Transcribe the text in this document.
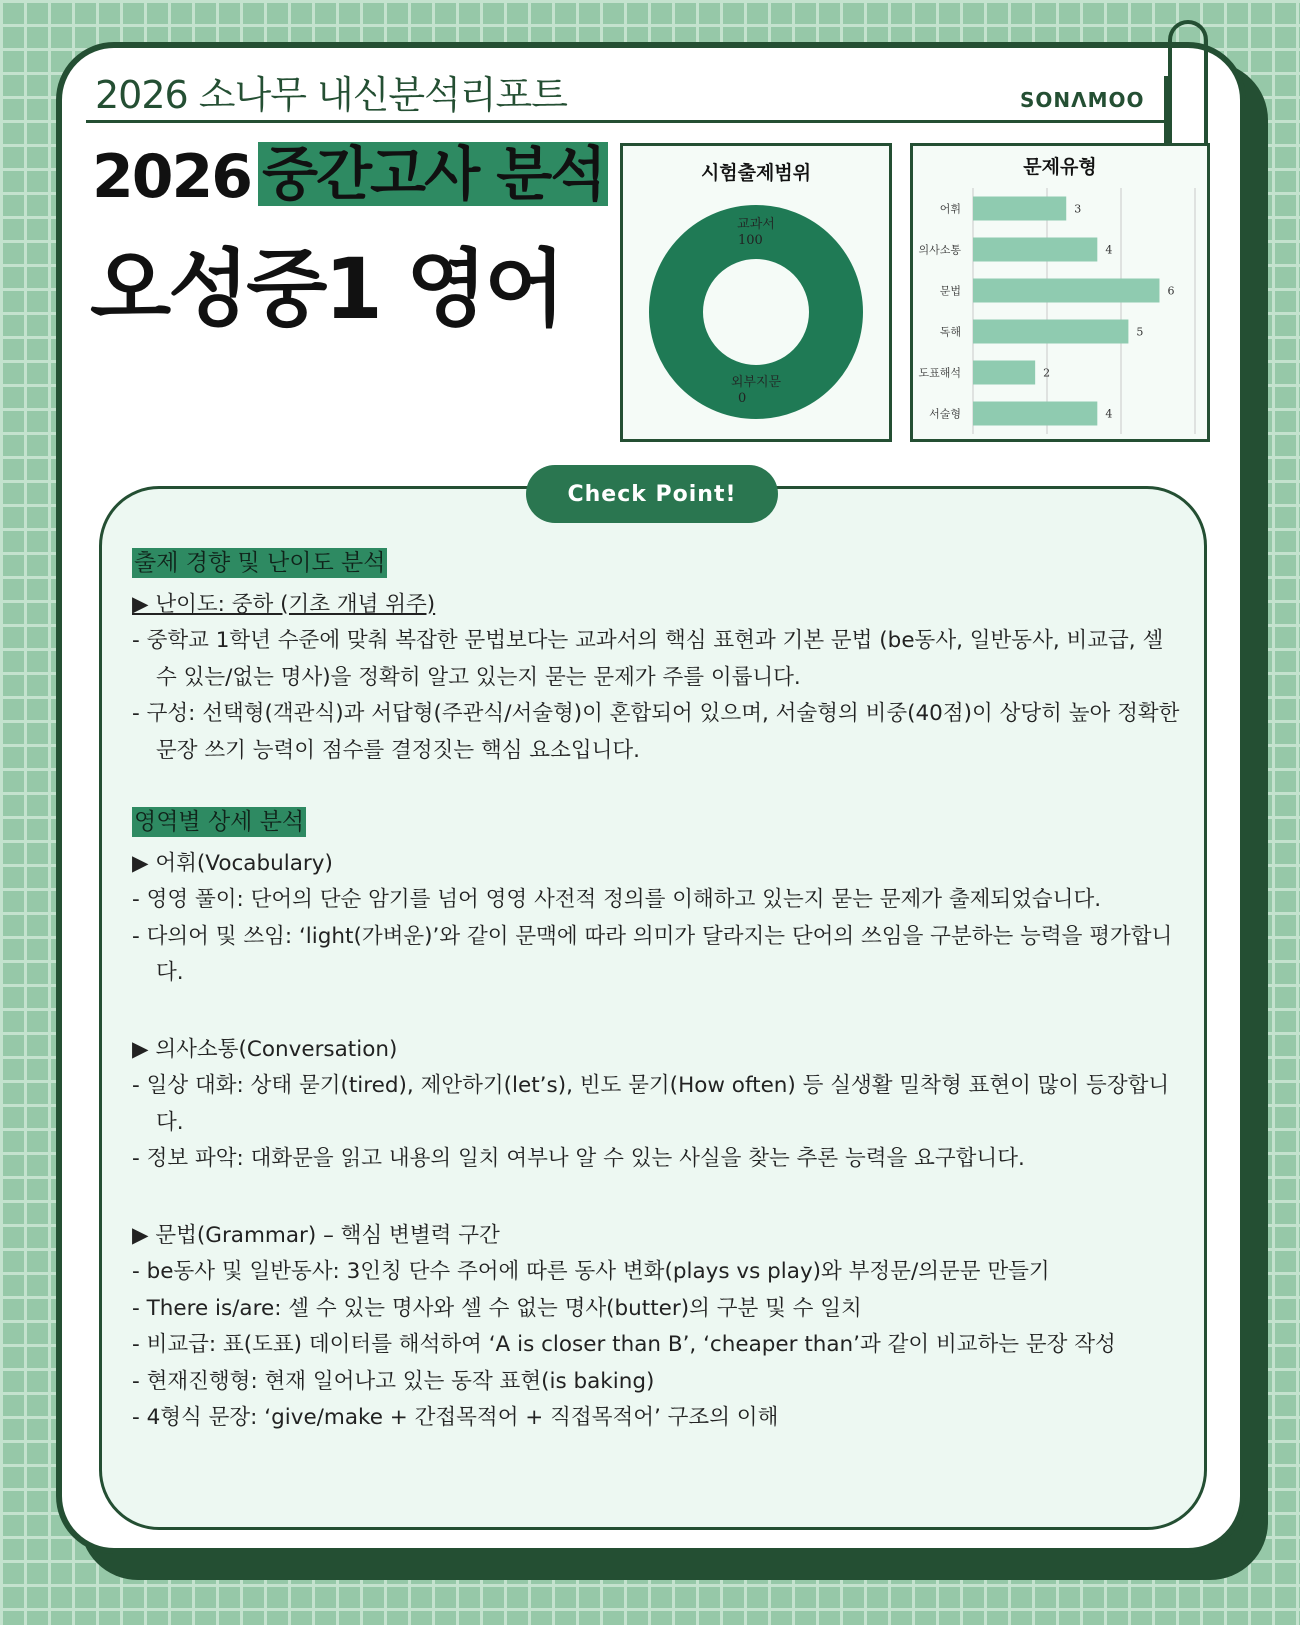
2026 소나무 내신분석리포트	SONΛMOO
2026 중간고사 분석
오성중1 영어
시험출제범위
교과서
100
외부지문
0
문제유형
어휘	3
의사소통	4
문법	6
독해	5
도표해석	2
서술형	4
Check Point!
출제 경향 및 난이도 분석
▶ 난이도: 중하 (기초 개념 위주)
- 중학교 1학년 수준에 맞춰 복잡한 문법보다는 교과서의 핵심 표현과 기본 문법 (be동사, 일반동사, 비교급, 셀 수 있는/없는 명사)을 정확히 알고 있는지 묻는 문제가 주를 이룹니다.
- 구성: 선택형(객관식)과 서답형(주관식/서술형)이 혼합되어 있으며, 서술형의 비중(40점)이 상당히 높아 정확한 문장 쓰기 능력이 점수를 결정짓는 핵심 요소입니다.
영역별 상세 분석
▶ 어휘(Vocabulary)
- 영영 풀이: 단어의 단순 암기를 넘어 영영 사전적 정의를 이해하고 있는지 묻는 문제가 출제되었습니다.
- 다의어 및 쓰임: ‘light(가벼운)’와 같이 문맥에 따라 의미가 달라지는 단어의 쓰임을 구분하는 능력을 평가합니다.
▶ 의사소통(Conversation)
- 일상 대화: 상태 묻기(tired), 제안하기(let’s), 빈도 묻기(How often) 등 실생활 밀착형 표현이 많이 등장합니다.
- 정보 파악: 대화문을 읽고 내용의 일치 여부나 알 수 있는 사실을 찾는 추론 능력을 요구합니다.
▶ 문법(Grammar) – 핵심 변별력 구간
- be동사 및 일반동사: 3인칭 단수 주어에 따른 동사 변화(plays vs play)와 부정문/의문문 만들기
- There is/are: 셀 수 있는 명사와 셀 수 없는 명사(butter)의 구분 및 수 일치
- 비교급: 표(도표) 데이터를 해석하여 ‘A is closer than B’, ‘cheaper than’과 같이 비교하는 문장 작성
- 현재진행형: 현재 일어나고 있는 동작 표현(is baking)
- 4형식 문장: ‘give/make + 간접목적어 + 직접목적어’ 구조의 이해
